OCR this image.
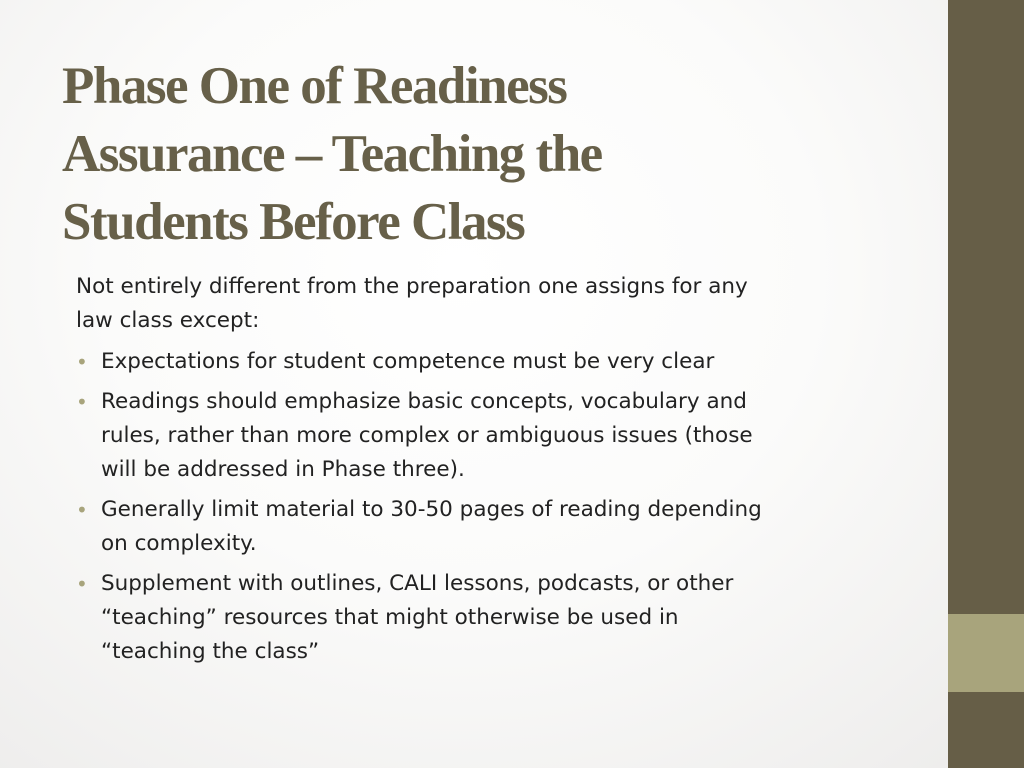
Phase One of Readiness
Assurance – Teaching the
Students Before Class

Not entirely different from the preparation one assigns for any
law class except:

• Expectations for student competence must be very clear
• Readings should emphasize basic concepts, vocabulary and
rules, rather than more complex or ambiguous issues (those
will be addressed in Phase three).
• Generally limit material to 30-50 pages of reading depending
on complexity.
• Supplement with outlines, CALI lessons, podcasts, or other
“teaching” resources that might otherwise be used in
“teaching the class”
